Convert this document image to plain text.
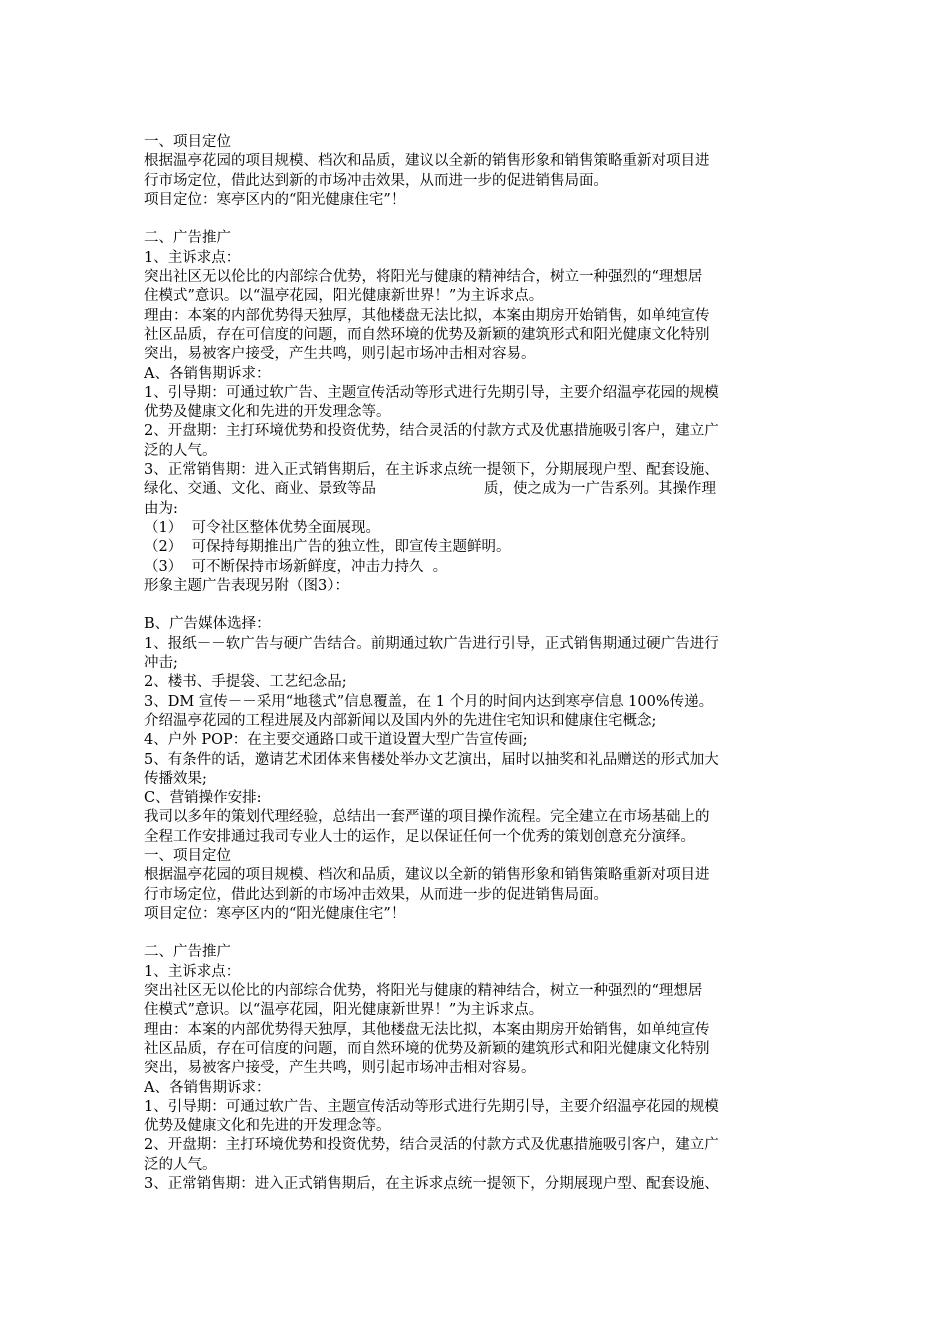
一、项目定位
根据温亭花园的项目规模、档次和品质，建议以全新的销售形象和销售策略重新对项目进
行市场定位，借此达到新的市场冲击效果，从而进一步的促进销售局面。
项目定位：寒亭区内的“阳光健康住宅”！
二、广告推广
1、主诉求点：
突出社区无以伦比的内部综合优势，将阳光与健康的精神结合，树立一种强烈的“理想居
住模式”意识。以“温亭花园，阳光健康新世界！”为主诉求点。
理由：本案的内部优势得天独厚，其他楼盘无法比拟，本案由期房开始销售，如单纯宣传
社区品质，存在可信度的问题，而自然环境的优势及新颖的建筑形式和阳光健康文化特别
突出，易被客户接受，产生共鸣，则引起市场冲击相对容易。
A、各销售期诉求：
1、引导期：可通过软广告、主题宣传活动等形式进行先期引导，主要介绍温亭花园的规模
优势及健康文化和先进的开发理念等。
2、开盘期：主打环境优势和投资优势，结合灵活的付款方式及优惠措施吸引客户，建立广
泛的人气。
3、正常销售期：进入正式销售期后，在主诉求点统一提领下，分期展现户型、配套设施、
绿化、交通、文化、商业、景致等品	质，使之成为一广告系列。其操作理
由为:
（1）  可令社区整体优势全面展现。
（2）  可保持每期推出广告的独立性，即宣传主题鲜明。
（3）  可不断保持市场新鲜度，冲击力持久  。
形象主题广告表现另附（图3）：
B、广告媒体选择：
1、报纸－－软广告与硬广告结合。前期通过软广告进行引导，正式销售期通过硬广告进行
冲击;
2、楼书、手提袋、工艺纪念品;
3、DM 宣传－－采用“地毯式”信息覆盖，在 1 个月的时间内达到寒亭信息 100%传递。
介绍温亭花园的工程进展及内部新闻以及国内外的先进住宅知识和健康住宅概念;
4、户外 POP：在主要交通路口或干道设置大型广告宣传画;
5、有条件的话，邀请艺术团体来售楼处举办文艺演出，届时以抽奖和礼品赠送的形式加大
传播效果;
C、营销操作安排:
我司以多年的策划代理经验，总结出一套严谨的项目操作流程。完全建立在市场基础上的
全程工作安排通过我司专业人士的运作，足以保证任何一个优秀的策划创意充分演绎。
一、项目定位
根据温亭花园的项目规模、档次和品质，建议以全新的销售形象和销售策略重新对项目进
行市场定位，借此达到新的市场冲击效果，从而进一步的促进销售局面。
项目定位：寒亭区内的“阳光健康住宅”！
二、广告推广
1、主诉求点：
突出社区无以伦比的内部综合优势，将阳光与健康的精神结合，树立一种强烈的“理想居
住模式”意识。以“温亭花园，阳光健康新世界！”为主诉求点。
理由：本案的内部优势得天独厚，其他楼盘无法比拟，本案由期房开始销售，如单纯宣传
社区品质，存在可信度的问题，而自然环境的优势及新颖的建筑形式和阳光健康文化特别
突出，易被客户接受，产生共鸣，则引起市场冲击相对容易。
A、各销售期诉求：
1、引导期：可通过软广告、主题宣传活动等形式进行先期引导，主要介绍温亭花园的规模
优势及健康文化和先进的开发理念等。
2、开盘期：主打环境优势和投资优势，结合灵活的付款方式及优惠措施吸引客户，建立广
泛的人气。
3、正常销售期：进入正式销售期后，在主诉求点统一提领下，分期展现户型、配套设施、
